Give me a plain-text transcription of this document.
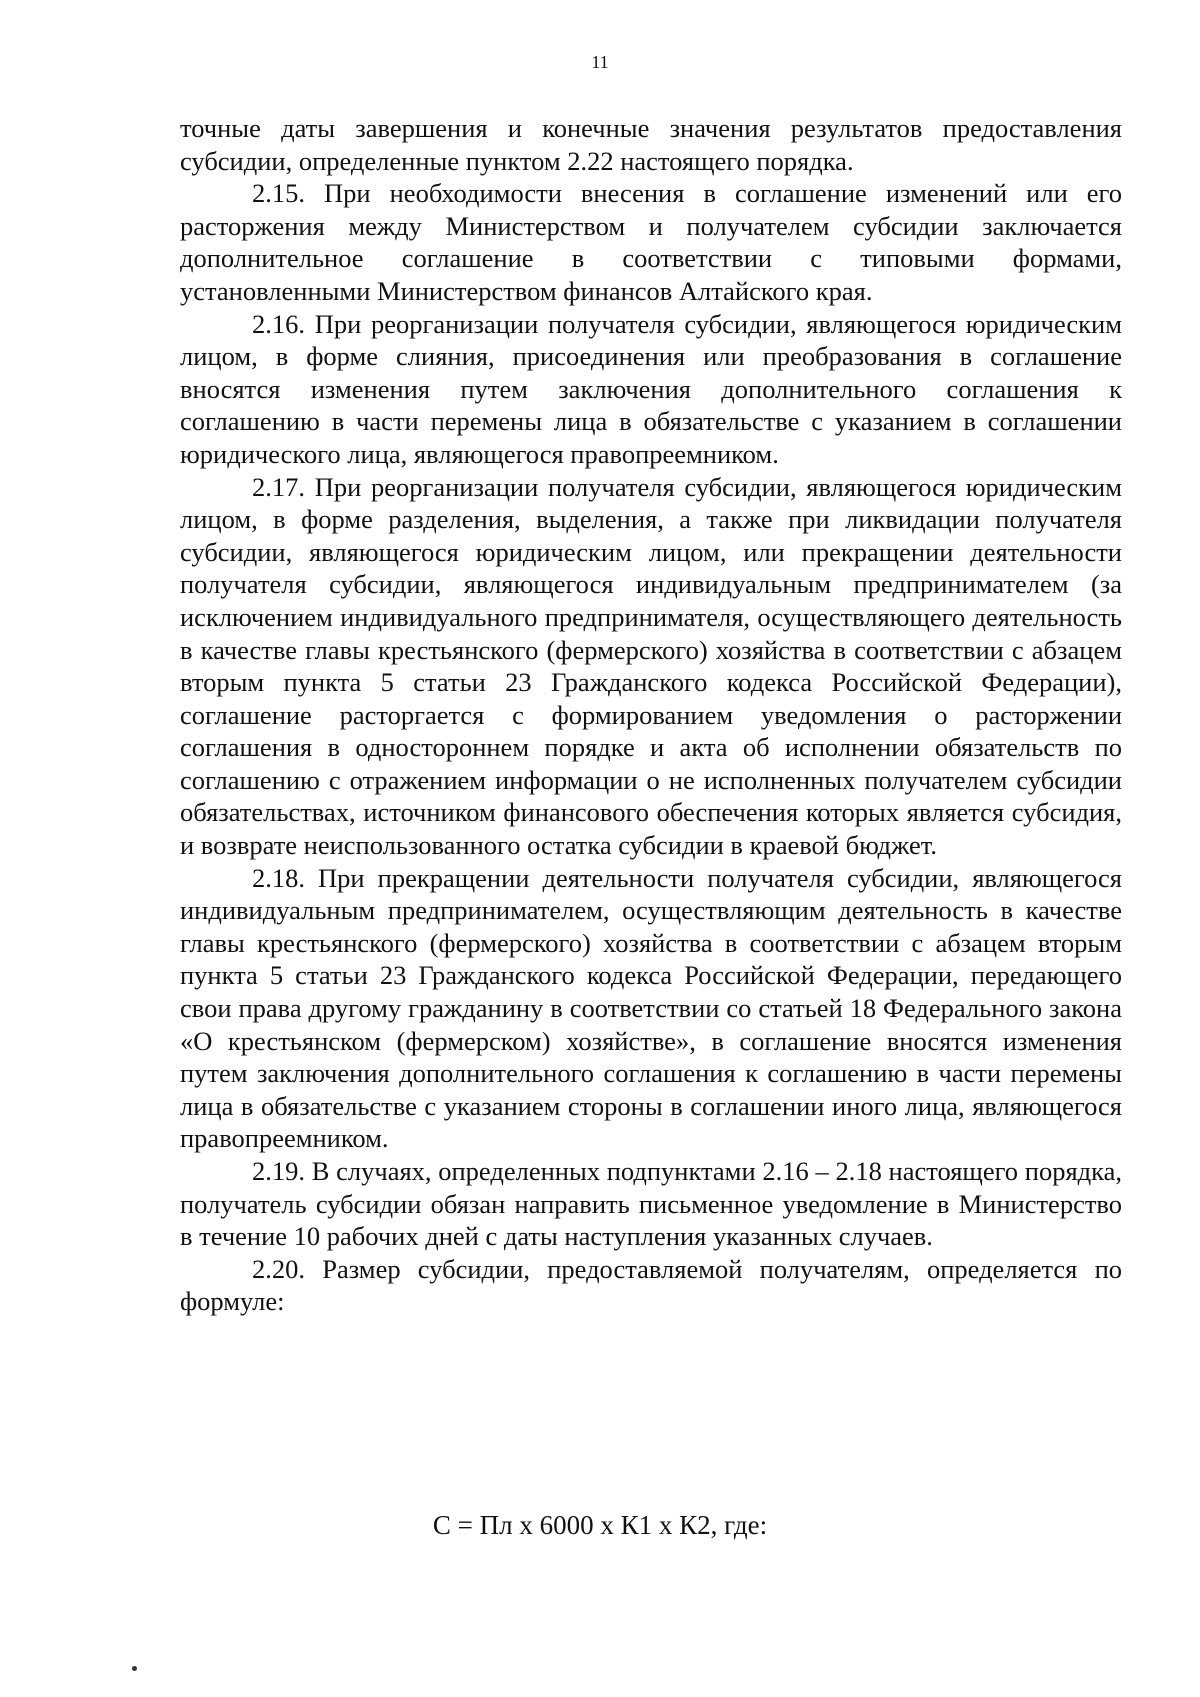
11

точные даты завершения и конечные значения результатов предоставления субсидии, определенные пунктом 2.22 настоящего порядка.

2.15. При необходимости внесения в соглашение изменений или его расторжения между Министерством и получателем субсидии заключается дополнительное соглашение в соответствии с типовыми формами, установленными Министерством финансов Алтайского края.

2.16. При реорганизации получателя субсидии, являющегося юридическим лицом, в форме слияния, присоединения или преобразования в соглашение вносятся изменения путем заключения дополнительного соглашения к соглашению в части перемены лица в обязательстве с указанием в соглашении юридического лица, являющегося правопреемником.

2.17. При реорганизации получателя субсидии, являющегося юридическим лицом, в форме разделения, выделения, а также при ликвидации получателя субсидии, являющегося юридическим лицом, или прекращении деятельности получателя субсидии, являющегося индивидуальным предпринимателем (за исключением индивидуального предпринимателя, осуществляющего деятельность в качестве главы крестьянского (фермерского) хозяйства в соответствии с абзацем вторым пункта 5 статьи 23 Гражданского кодекса Российской Федерации), соглашение расторгается с формированием уведомления о расторжении соглашения в одностороннем порядке и акта об исполнении обязательств по соглашению с отражением информации о не исполненных получателем субсидии обязательствах, источником финансового обеспечения которых является субсидия, и возврате неиспользованного остатка субсидии в краевой бюджет.

2.18. При прекращении деятельности получателя субсидии, являющегося индивидуальным предпринимателем, осуществляющим деятельность в качестве главы крестьянского (фермерского) хозяйства в соответствии с абзацем вторым пункта 5 статьи 23 Гражданского кодекса Российской Федерации, передающего свои права другому гражданину в соответствии со статьей 18 Федерального закона «О крестьянском (фермерском) хозяйстве», в соглашение вносятся изменения путем заключения дополнительного соглашения к соглашению в части перемены лица в обязательстве с указанием стороны в соглашении иного лица, являющегося правопреемником.

2.19. В случаях, определенных подпунктами 2.16 – 2.18 настоящего порядка, получатель субсидии обязан направить письменное уведомление в Министерство в течение 10 рабочих дней с даты наступления указанных случаев.

2.20. Размер субсидии, предоставляемой получателям, определяется по формуле:

С = Пл х 6000 х К1 х К2, где:
